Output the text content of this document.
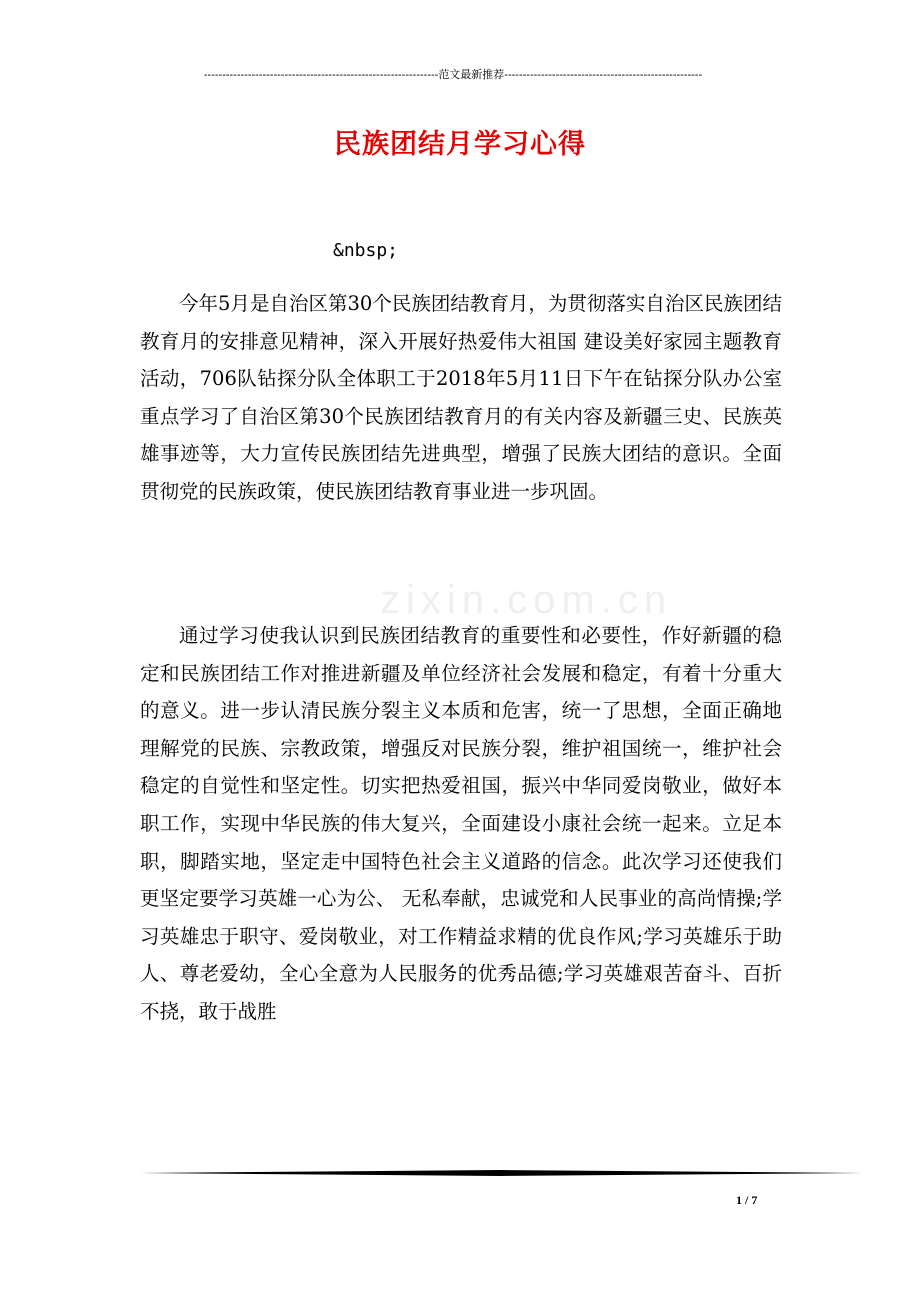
----------------------------------------------------------------范文最新推荐------------------------------------------------------
民族团结月学习心得
&nbsp;
zixin.com.cn
今年5月是自治区第30个民族团结教育月，为贯彻落实自治区民族团结教育月的安排意见精神，深入开展好热爱伟大祖国 建设美好家园主题教育活动，706队钻探分队全体职工于2018年5月11日下午在钻探分队办公室重点学习了自治区第30个民族团结教育月的有关内容及新疆三史、民族英雄事迹等，大力宣传民族团结先进典型，增强了民族大团结的意识。全面贯彻党的民族政策，使民族团结教育事业进一步巩固。
通过学习使我认识到民族团结教育的重要性和必要性，作好新疆的稳定和民族团结工作对推进新疆及单位经济社会发展和稳定，有着十分重大的意义。进一步认清民族分裂主义本质和危害，统一了思想，全面正确地理解党的民族、宗教政策，增强反对民族分裂，维护祖国统一，维护社会稳定的自觉性和坚定性。切实把热爱祖国，振兴中华同爱岗敬业，做好本职工作，实现中华民族的伟大复兴，全面建设小康社会统一起来。立足本职，脚踏实地，坚定走中国特色社会主义道路的信念。此次学习还使我们更坚定要学习英雄一心为公、 无私奉献，忠诚党和人民事业的高尚情操;学习英雄忠于职守、爱岗敬业，对工作精益求精的优良作风;学习英雄乐于助人、尊老爱幼，全心全意为人民服务的优秀品德;学习英雄艰苦奋斗、百折不挠，敢于战胜
1 / 7
